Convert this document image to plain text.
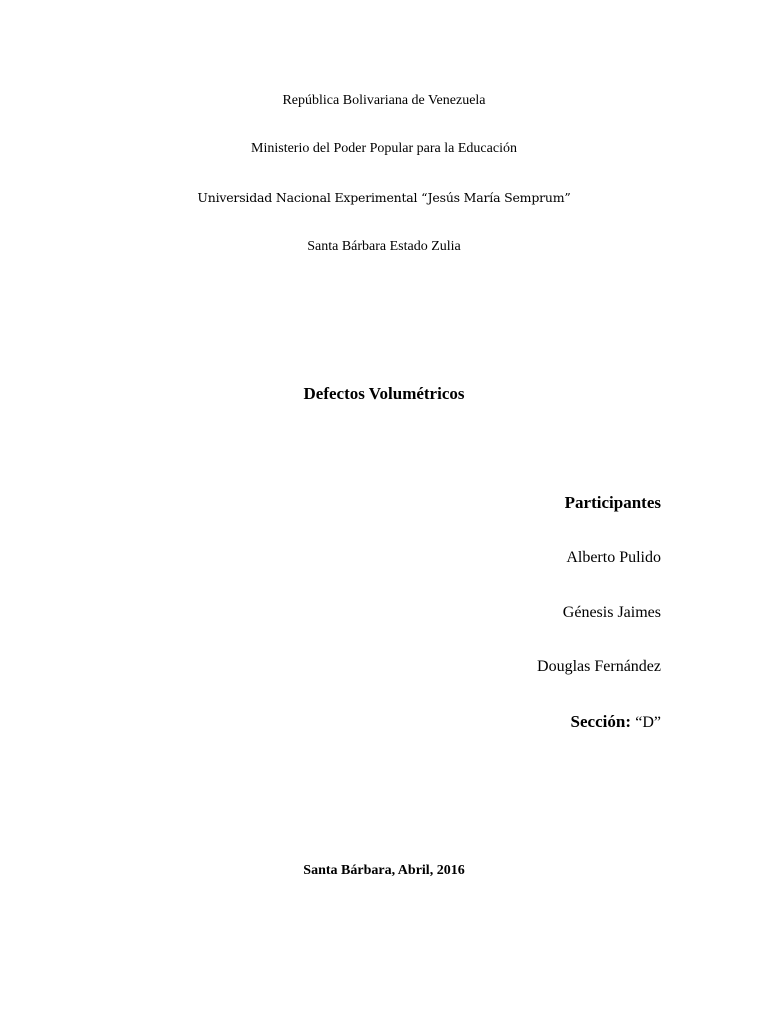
República Bolivariana de Venezuela
Ministerio del Poder Popular para la Educación
Universidad Nacional Experimental “Jesús María Semprum”
Santa Bárbara Estado Zulia
Defectos Volumétricos
Participantes
Alberto Pulido
Génesis Jaimes
Douglas Fernández
Sección: “D”
Santa Bárbara, Abril, 2016
